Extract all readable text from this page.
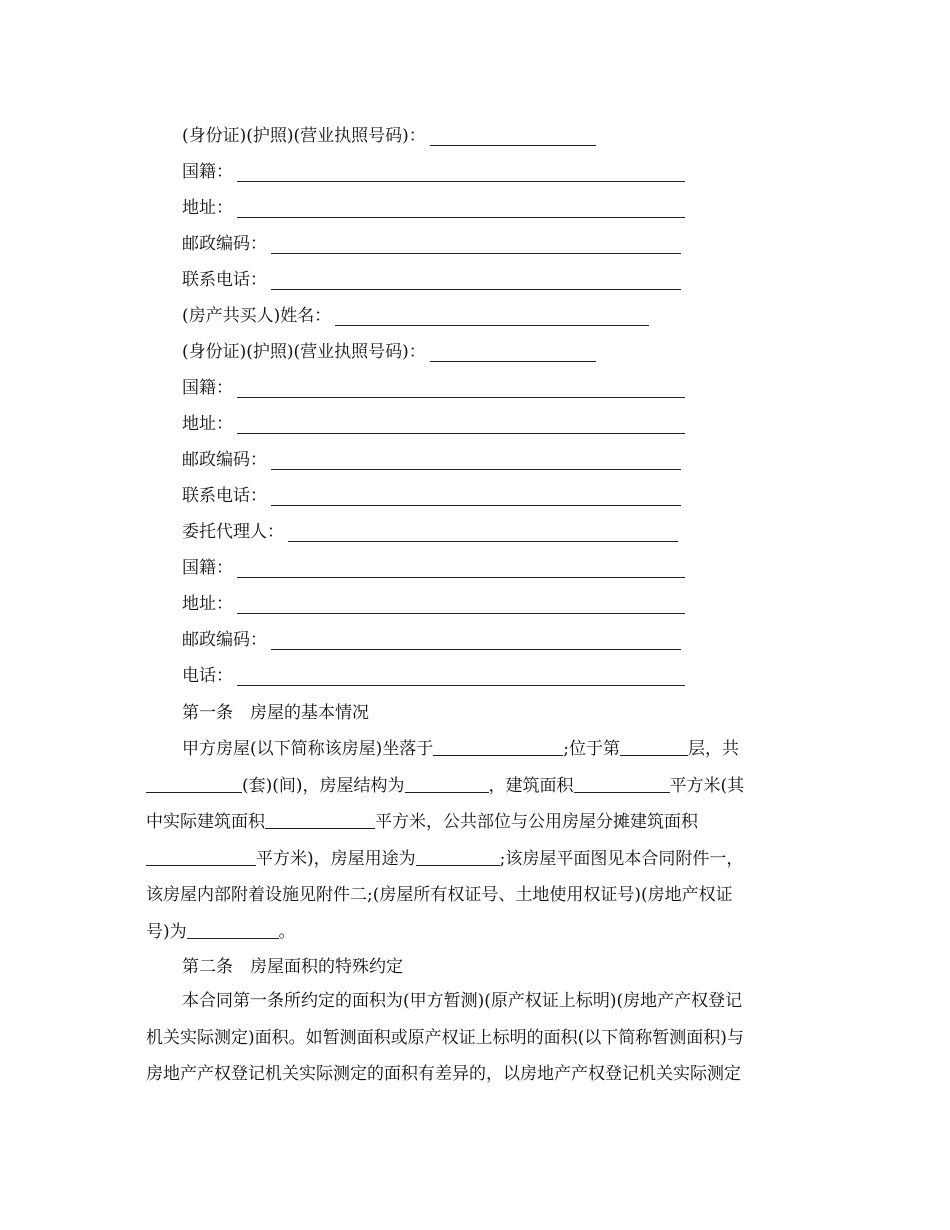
(身份证)(护照)(营业执照号码)：
国籍：
地址：
邮政编码：
联系电话：
(房产共买人)姓名：
(身份证)(护照)(营业执照号码)：
国籍：
地址：
邮政编码：
联系电话：
委托代理人：
国籍：
地址：
邮政编码：
电话：
第一条　房屋的基本情况
甲方房屋(以下简称该房屋)坐落于	;位于第	层，共
(套)(间)，房屋结构为	，建筑面积	平方米(其
中实际建筑面积	平方米，公共部位与公用房屋分摊建筑面积
平方米)，房屋用途为	;该房屋平面图见本合同附件一，
该房屋内部附着设施见附件二;(房屋所有权证号、土地使用权证号)(房地产权证
号)为	。
第二条　房屋面积的特殊约定
本合同第一条所约定的面积为(甲方暂测)(原产权证上标明)(房地产产权登记
机关实际测定)面积。如暂测面积或原产权证上标明的面积(以下简称暂测面积)与
房地产产权登记机关实际测定的面积有差异的，以房地产产权登记机关实际测定
